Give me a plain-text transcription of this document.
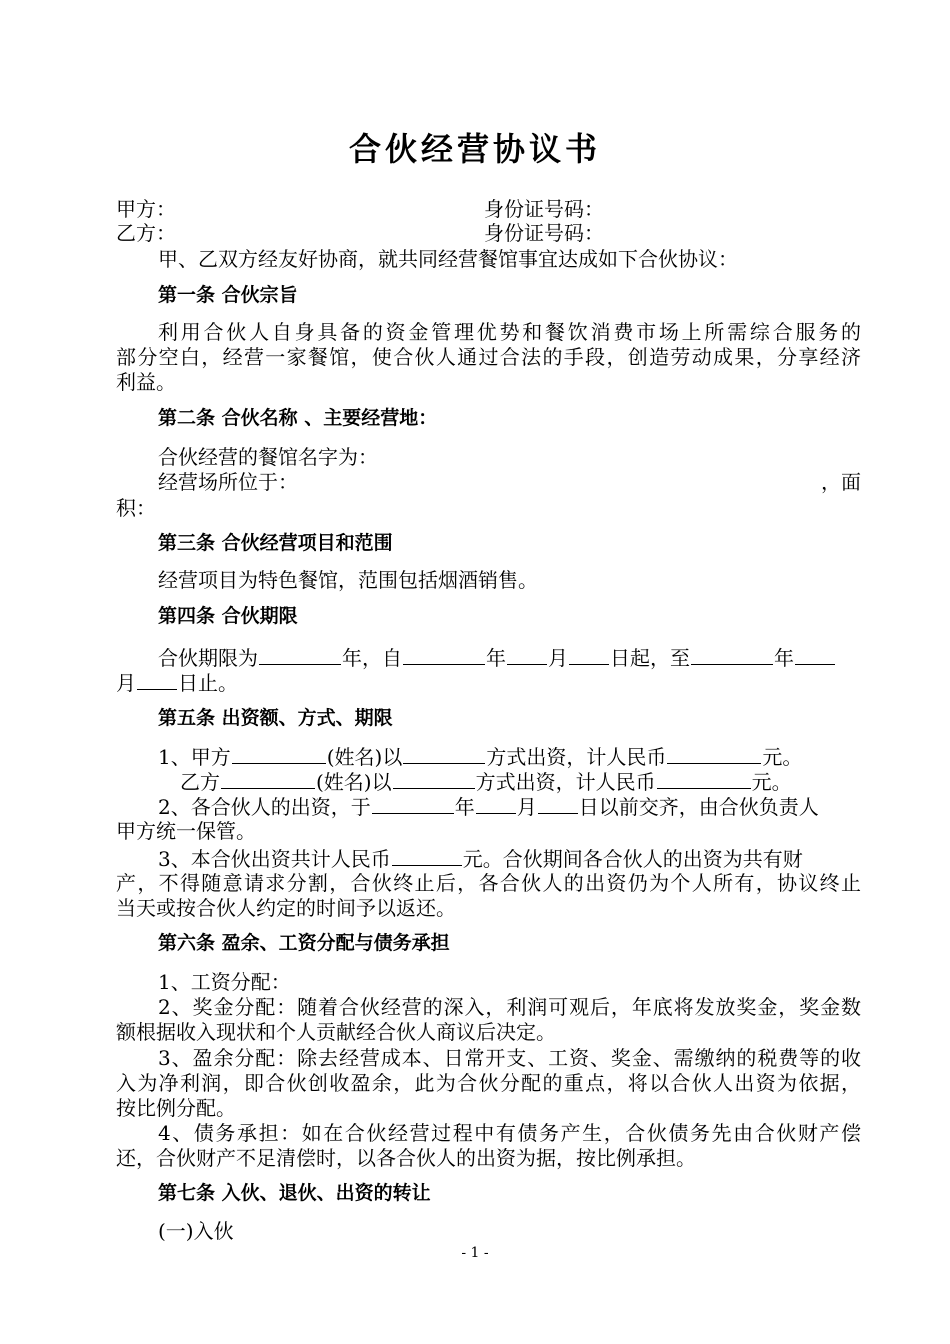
合伙经营协议书
甲方：	身份证号码：
乙方：	身份证号码：
甲、乙双方经友好协商，就共同经营餐馆事宜达成如下合伙协议：
第一条 合伙宗旨
利用合伙人自身具备的资金管理优势和餐饮消费市场上所需综合服务的
部分空白，经营一家餐馆，使合伙人通过合法的手段，创造劳动成果，分享经济
利益。
第二条 合伙名称 、主要经营地：
合伙经营的餐馆名字为：
经营场所位于：	，面
积：
第三条 合伙经营项目和范围
经营项目为特色餐馆，范围包括烟酒销售。
第四条 合伙期限
合伙期限为	年，自	年 月 日起，至	年
月 日止。
第五条 出资额、方式、期限
1、甲方	(姓名)以	方式出资，计人民币	元。
乙方	(姓名)以	方式出资，计人民币	元。
2、各合伙人的出资，于	年 月 日以前交齐，由合伙负责人
甲方统一保管。
3、本合伙出资共计人民币	元。合伙期间各合伙人的出资为共有财
产，不得随意请求分割，合伙终止后，各合伙人的出资仍为个人所有，协议终止
当天或按合伙人约定的时间予以返还。
第六条 盈余、工资分配与债务承担
1、工资分配：
2、奖金分配：随着合伙经营的深入，利润可观后，年底将发放奖金，奖金数
额根据收入现状和个人贡献经合伙人商议后决定。
3、盈余分配：除去经营成本、日常开支、工资、奖金、需缴纳的税费等的收
入为净利润，即合伙创收盈余，此为合伙分配的重点，将以合伙人出资为依据，
按比例分配。
4、债务承担：如在合伙经营过程中有债务产生，合伙债务先由合伙财产偿
还，合伙财产不足清偿时，以各合伙人的出资为据，按比例承担。
第七条 入伙、退伙、出资的转让
(一)入伙
- 1 -
